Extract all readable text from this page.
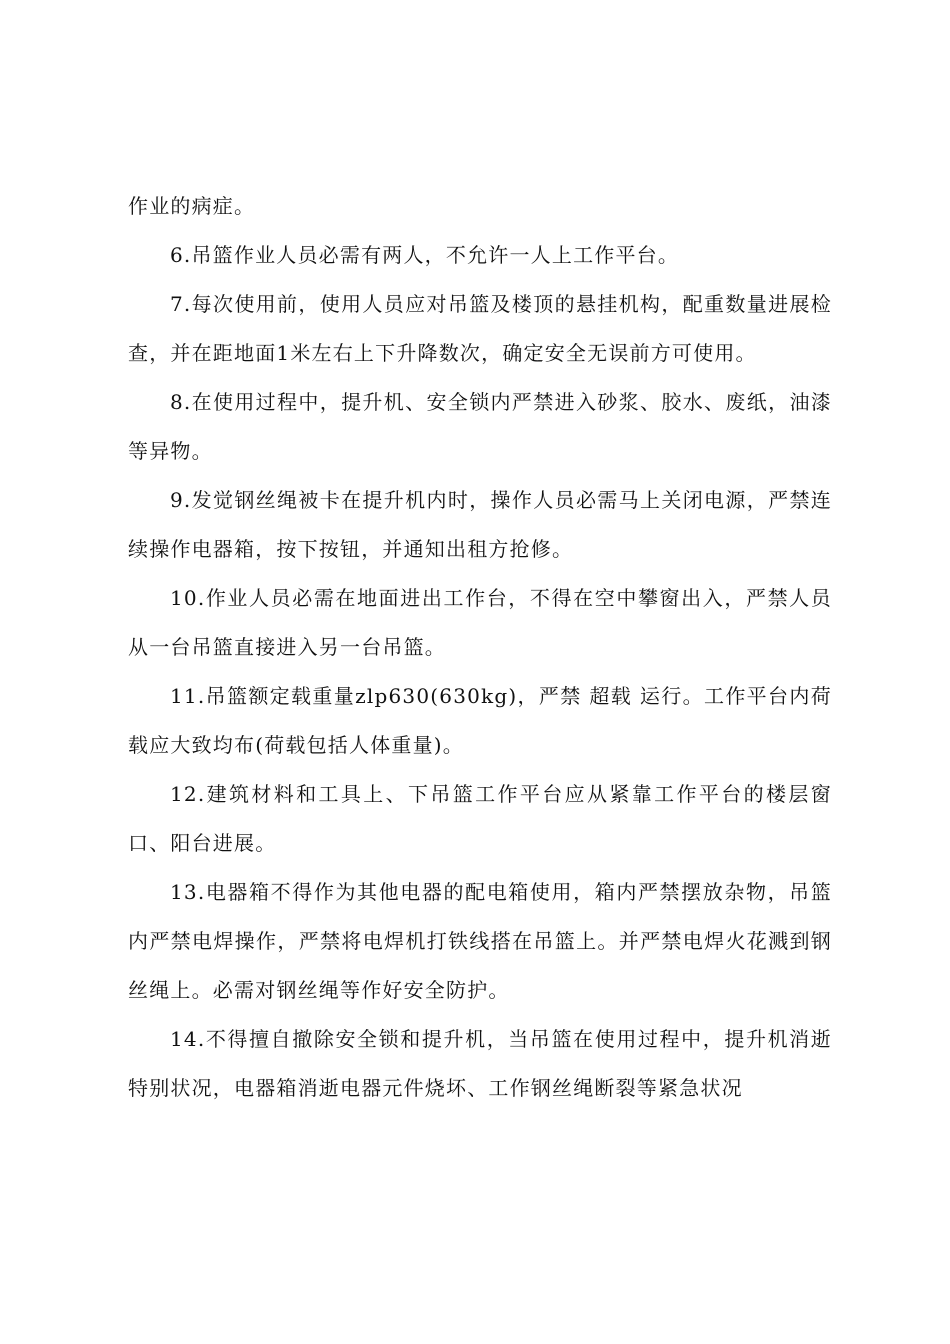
作业的病症。

6.吊篮作业人员必需有两人，不允许一人上工作平台。

7.每次使用前，使用人员应对吊篮及楼顶的悬挂机构，配重数量进展检查，并在距地面1米左右上下升降数次，确定安全无误前方可使用。

8.在使用过程中，提升机、安全锁内严禁进入砂浆、胶水、废纸，油漆等异物。

9.发觉钢丝绳被卡在提升机内时，操作人员必需马上关闭电源，严禁连续操作电器箱，按下按钮，并通知出租方抢修。

10.作业人员必需在地面进出工作台，不得在空中攀窗出入，严禁人员从一台吊篮直接进入另一台吊篮。

11.吊篮额定载重量zlp630(630kg)，严禁 超载 运行。工作平台内荷载应大致均布(荷载包括人体重量)。

12.建筑材料和工具上、下吊篮工作平台应从紧靠工作平台的楼层窗口、阳台进展。

13.电器箱不得作为其他电器的配电箱使用，箱内严禁摆放杂物，吊篮内严禁电焊操作，严禁将电焊机打铁线搭在吊篮上。并严禁电焊火花溅到钢丝绳上。必需对钢丝绳等作好安全防护。

14.不得擅自撤除安全锁和提升机，当吊篮在使用过程中，提升机消逝特别状况，电器箱消逝电器元件烧坏、工作钢丝绳断裂等紧急状况
